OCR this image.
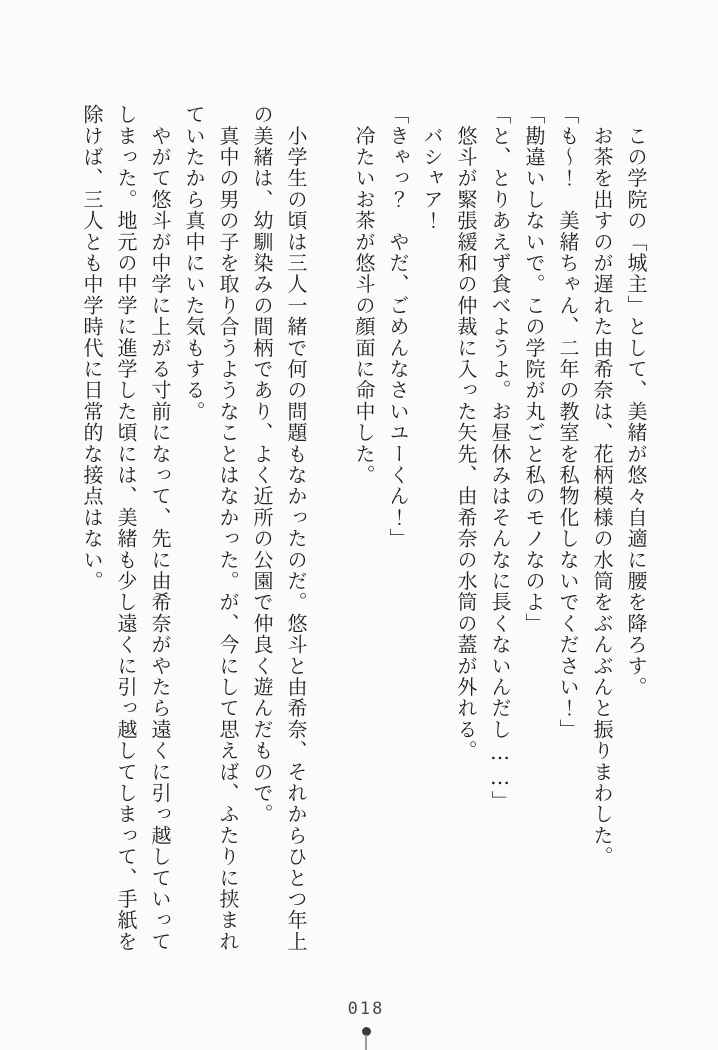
　この学院の「城主」として、美緒が悠々自適に腰を降ろす。
　お茶を出すのが遅れた由希奈は、花柄模様の水筒をぶんぶんと振りまわした。
「も〜！　美緒ちゃん、二年の教室を私物化しないでください！」
「勘違いしないで。この学院が丸ごと私のモノなのよ」
「と、とりあえず食べようよ。お昼休みはそんなに長くないんだし……」
　悠斗が緊張緩和の仲裁に入った矢先、由希奈の水筒の蓋が外れる。
　バシャア！
「きゃっ？　やだ、ごめんなさいユーくん！」
　冷たいお茶が悠斗の顔面に命中した。
　小学生の頃は三人一緒で何の問題もなかったのだ。悠斗と由希奈、それからひとつ年上
の美緒は、幼馴染みの間柄であり、よく近所の公園で仲良く遊んだもので。
　真中の男の子を取り合うようなことはなかった。が、今にして思えば、ふたりに挟まれ
ていたから真中にいた気もする。
　やがて悠斗が中学に上がる寸前になって、先に由希奈がやたら遠くに引っ越していって
しまった。地元の中学に進学した頃には、美緒も少し遠くに引っ越してしまって、手紙を
除けば、三人とも中学時代に日常的な接点はない。
018
